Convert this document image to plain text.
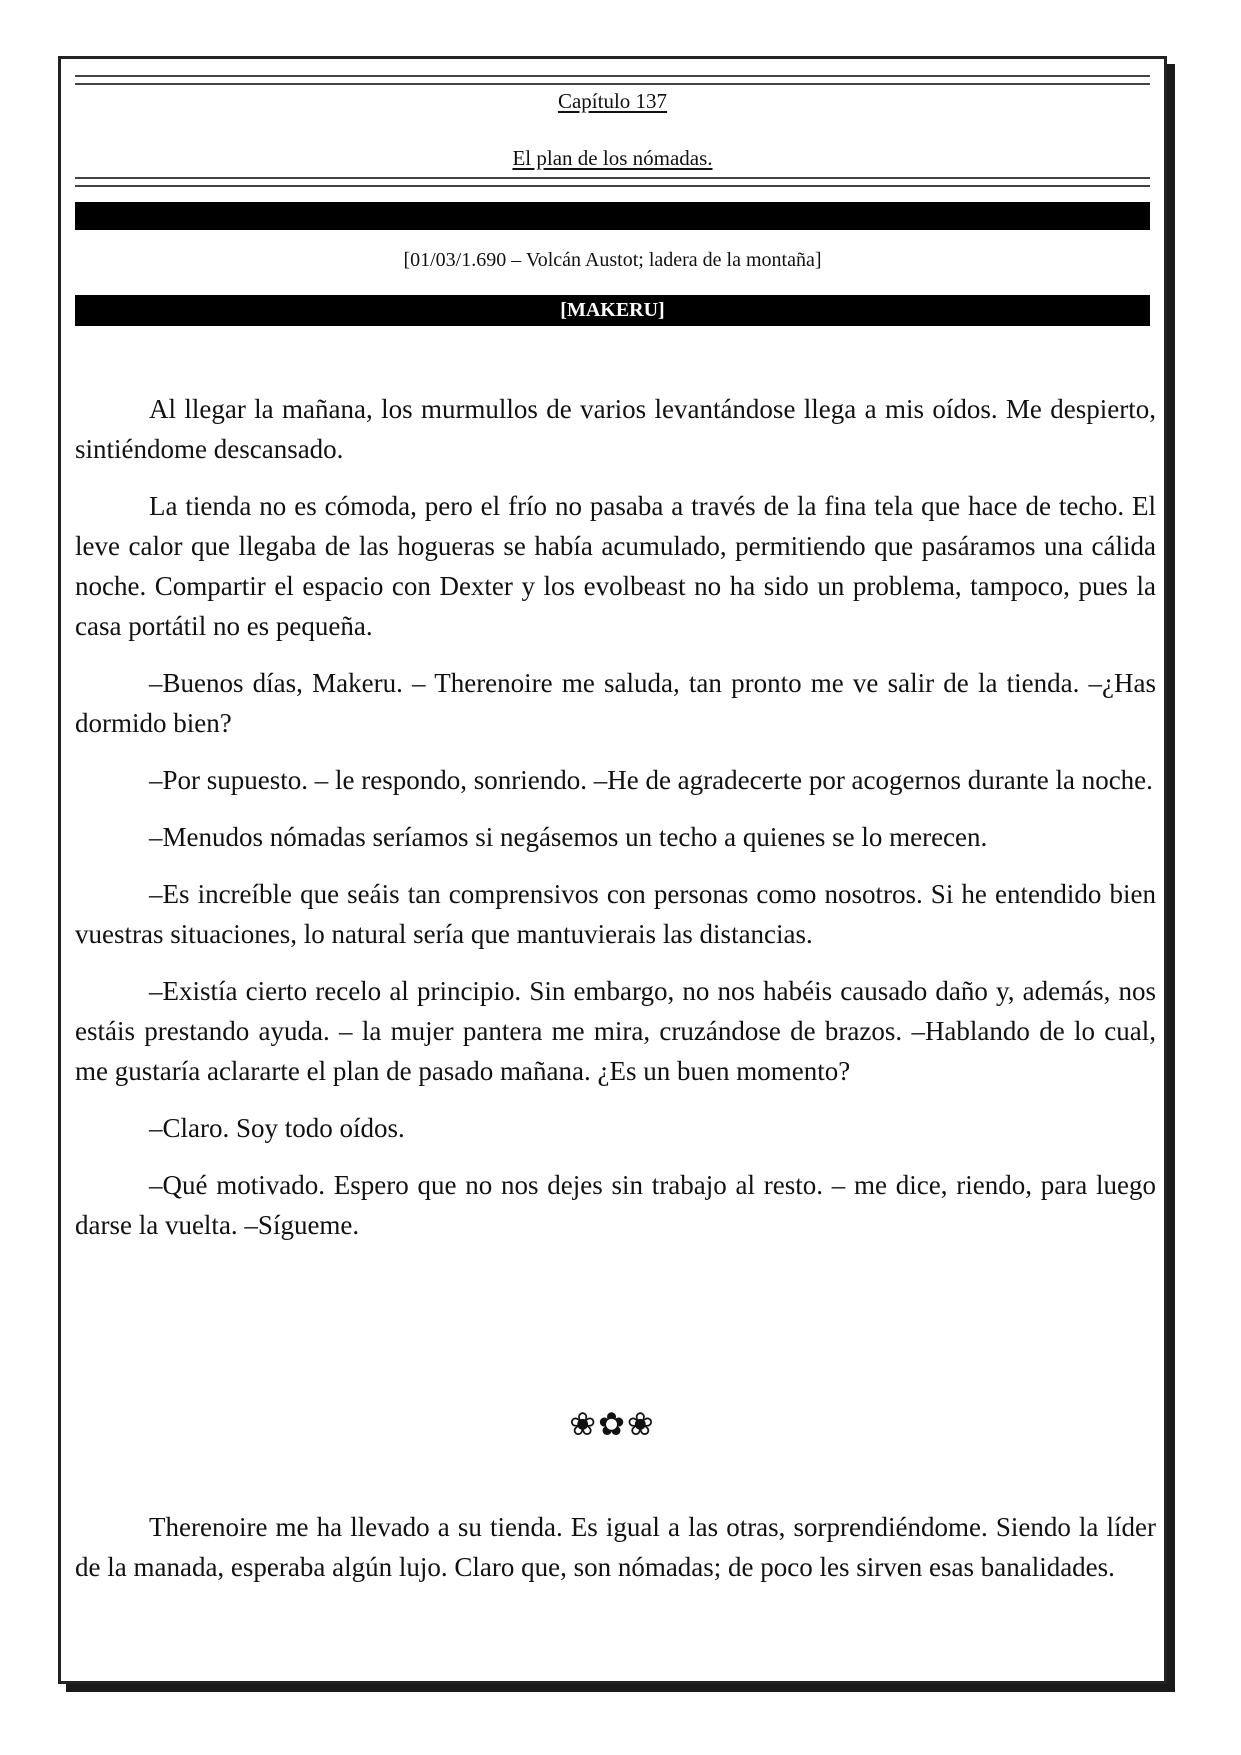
Capítulo 137
El plan de los nómadas.
[01/03/1.690 – Volcán Austot; ladera de la montaña]
[MAKERU]

Al llegar la mañana, los murmullos de varios levantándose llega a mis oídos. Me despierto, sintiéndome descansado.

La tienda no es cómoda, pero el frío no pasaba a través de la fina tela que hace de techo. El leve calor que llegaba de las hogueras se había acumulado, permitiendo que pasáramos una cálida noche. Compartir el espacio con Dexter y los evolbeast no ha sido un problema, tampoco, pues la casa portátil no es pequeña.

–Buenos días, Makeru. – Therenoire me saluda, tan pronto me ve salir de la tienda. –¿Has dormido bien?

–Por supuesto. – le respondo, sonriendo. –He de agradecerte por acogernos durante la noche.

–Menudos nómadas seríamos si negásemos un techo a quienes se lo merecen.

–Es increíble que seáis tan comprensivos con personas como nosotros. Si he entendido bien vuestras situaciones, lo natural sería que mantuvierais las distancias.

–Existía cierto recelo al principio. Sin embargo, no nos habéis causado daño y, además, nos estáis prestando ayuda. – la mujer pantera me mira, cruzándose de brazos. –Hablando de lo cual, me gustaría aclararte el plan de pasado mañana. ¿Es un buen momento?

–Claro. Soy todo oídos.

–Qué motivado. Espero que no nos dejes sin trabajo al resto. – me dice, riendo, para luego darse la vuelta. –Sígueme.

❀✿❀

Therenoire me ha llevado a su tienda. Es igual a las otras, sorprendiéndome. Siendo la líder de la manada, esperaba algún lujo. Claro que, son nómadas; de poco les sirven esas banalidades.
